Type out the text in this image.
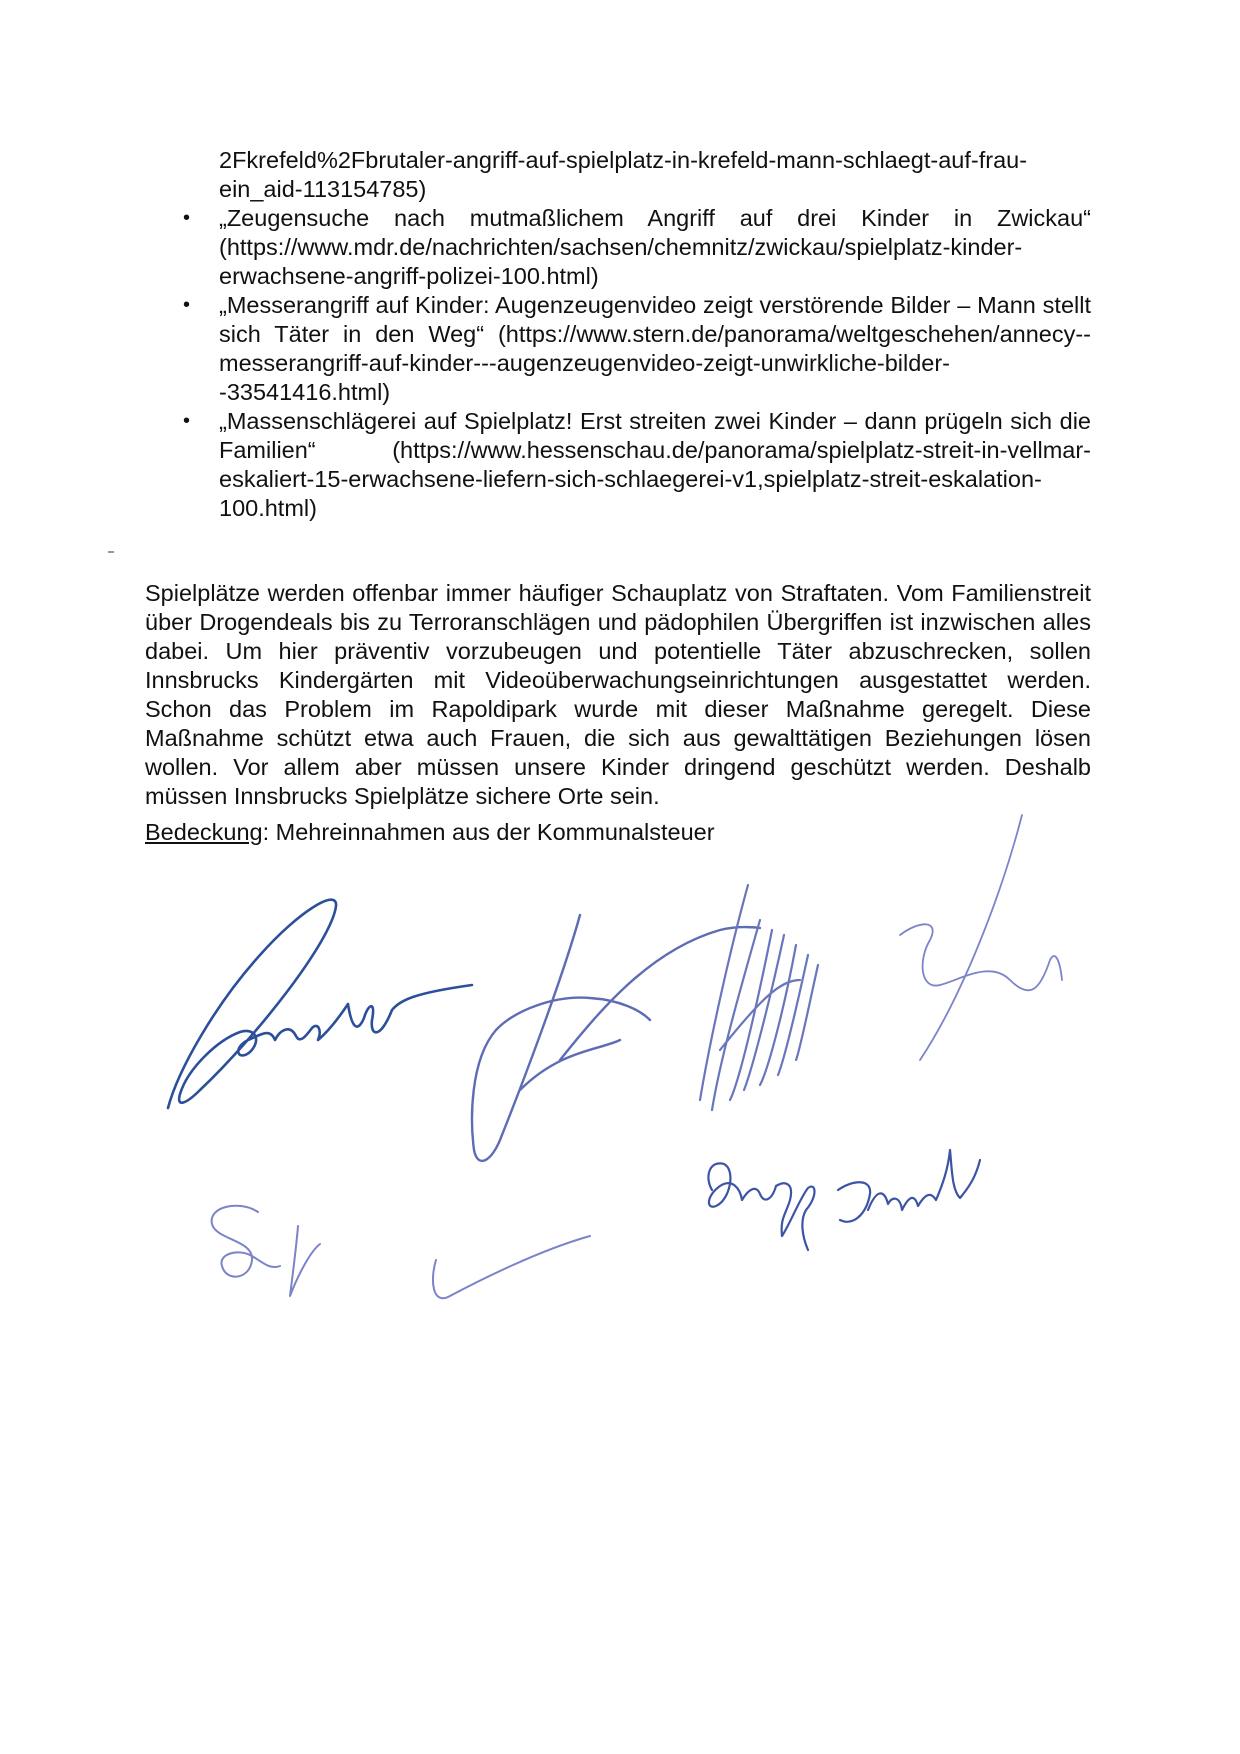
2Fkrefeld%2Fbrutaler-angriff-auf-spielplatz-in-krefeld-mann-schlaegt-auf-frau-ein_aid-113154785)

• „Zeugensuche nach mutmaßlichem Angriff auf drei Kinder in Zwickau“ (https://www.mdr.de/nachrichten/sachsen/chemnitz/zwickau/spielplatz-kinder-erwachsene-angriff-polizei-100.html)
• „Messerangriff auf Kinder: Augenzeugenvideo zeigt verstörende Bilder – Mann stellt sich Täter in den Weg“ (https://www.stern.de/panorama/weltgeschehen/annecy--messerangriff-auf-kinder---augenzeugenvideo-zeigt-unwirkliche-bilder--33541416.html)
• „Massenschlägerei auf Spielplatz! Erst streiten zwei Kinder – dann prügeln sich die Familien“	(https://www.hessenschau.de/panorama/spielplatz-streit-in-vellmar-eskaliert-15-erwachsene-liefern-sich-schlaegerei-v1,spielplatz-streit-eskalation-100.html)

Spielplätze werden offenbar immer häufiger Schauplatz von Straftaten. Vom Familienstreit über Drogendeals bis zu Terroranschlägen und pädophilen Übergriffen ist inzwischen alles dabei. Um hier präventiv vorzubeugen und potentielle Täter abzuschrecken, sollen Innsbrucks Kindergärten mit Videoüberwachungseinrichtungen ausgestattet werden. Schon das Problem im Rapoldipark wurde mit dieser Maßnahme geregelt. Diese Maßnahme schützt etwa auch Frauen, die sich aus gewalttätigen Beziehungen lösen wollen. Vor allem aber müssen unsere Kinder dringend geschützt werden. Deshalb müssen Innsbrucks Spielplätze sichere Orte sein.

Bedeckung: Mehreinnahmen aus der Kommunalsteuer
